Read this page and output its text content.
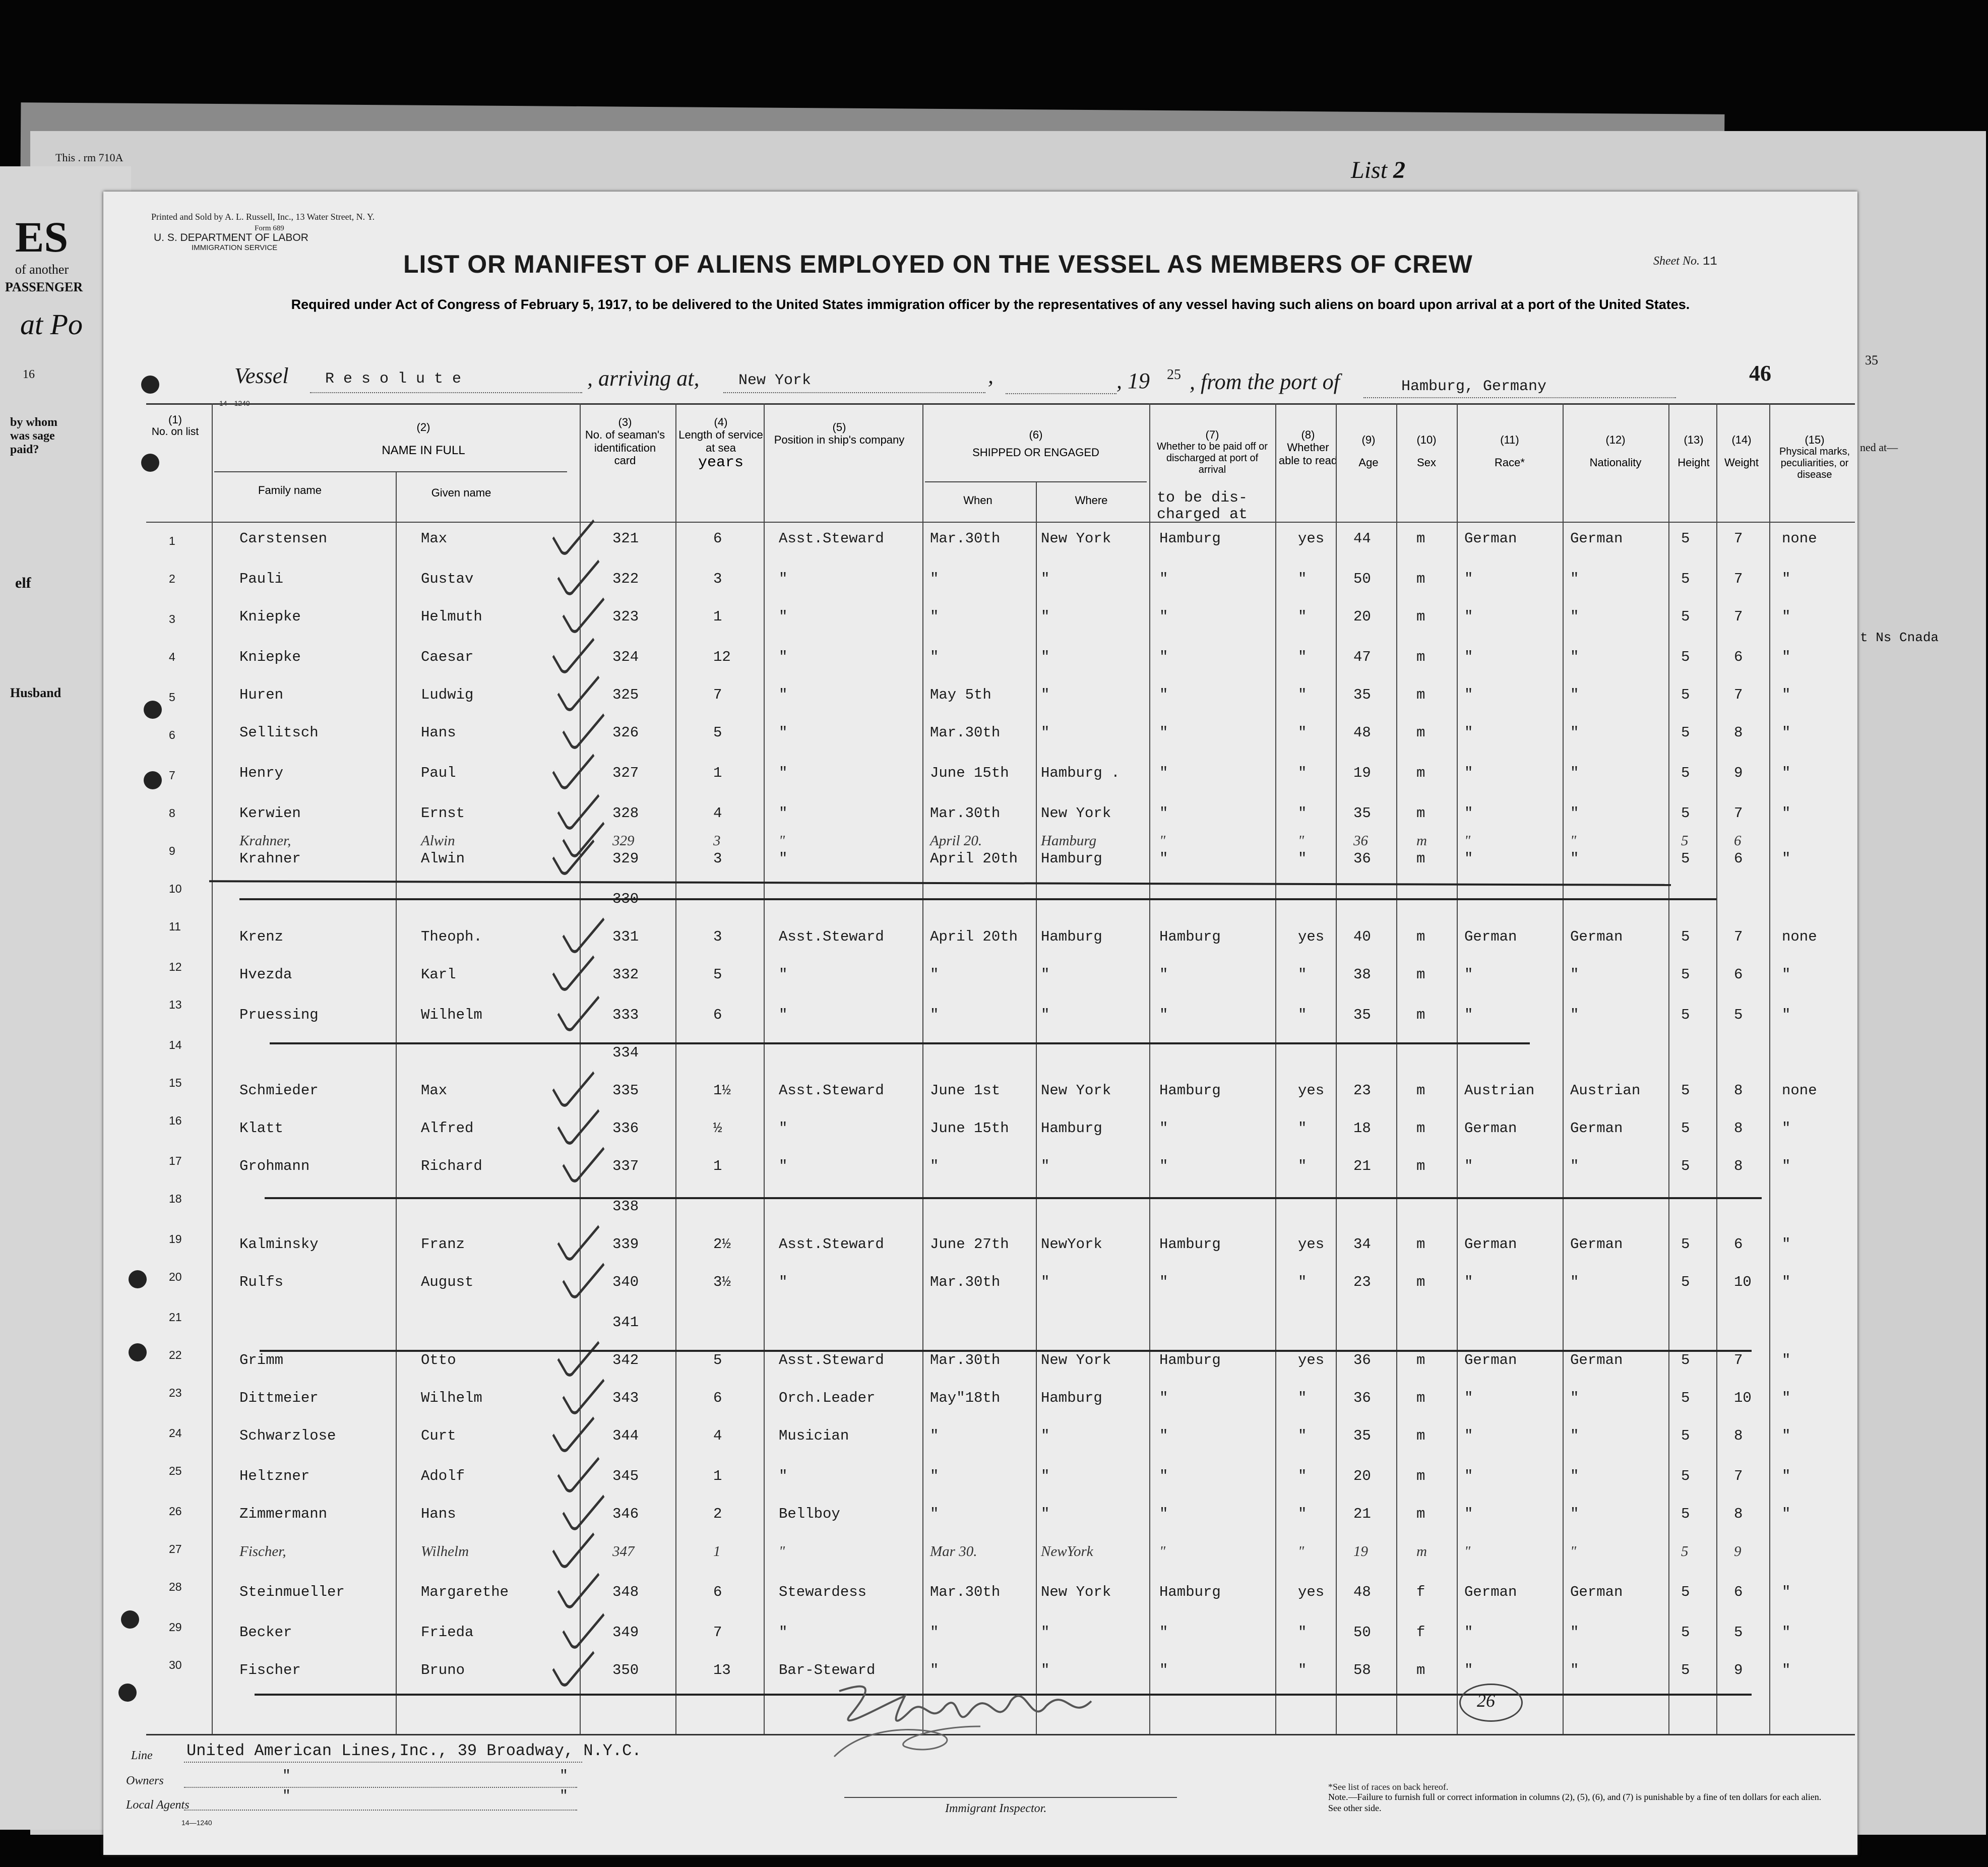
This . rm 710A
ES
of another
PASSENGER
at Po
16
by whom was sage paid?
elf
Husband
35
ned at—
t Ns Cnada
List 2
Printed and Sold by A. L. Russell, Inc., 13 Water Street, N. Y.
Form 689
U. S. DEPARTMENT OF LABOR
IMMIGRATION SERVICE
LIST OR MANIFEST OF ALIENS EMPLOYED ON THE VESSEL AS MEMBERS OF CREW	Sheet No. 11
Required under Act of Congress of February 5, 1917, to be delivered to the United States immigration officer by the representatives of any vessel having such aliens on board upon arrival at a port of the United States.
Vessel R e s o l u t e	, arriving at,	New York	,	, 19 25 , from the port of	Hamburg, Germany
46
14—1240
(1)
No. on list	(2)
NAME IN FULL
Family name	Given name
(3)
No. of seaman's identification card
(4)
Length of service at sea
years
(5)
Position in ship's company	(6)
SHIPPED OR ENGAGED
When	Where
(7)
Whether to be paid off or discharged at port of arrival
to be dis-charged at
(8)
Whether able to read
(9)
Age
(10)
Sex
(11)
Race*
(12)
Nationality
(13)
Height
(14)
Weight
(15)
Physical marks, peculiarities, or disease
1
2
3
4
5
6
7
8
9
10
11
12
13
14
15
16
17
18
19
20
21
22
23
24
25
26
27
28
29
30
Carstensen	Max	321	6	Asst.Steward	Mar.30th	New York	Hamburg	yes 44	m	German	German	5	7	none
Pauli	Gustav	322	3	"	"	"	"	"	50	m	"	"	5	7	"
Kniepke	Helmuth	323	1	"	"	"	"	"	20	m	"	"	5	7	"
Kniepke	Caesar	324	12	"	"	"	"	"	47	m	"	"	5	6	"
Huren	Ludwig	325	7	"	May 5th	"	"	"	35	m	"	"	5	7	"
Sellitsch	Hans	326	5	"	Mar.30th	"	"	"	48	m	"	"	5	8	"
Henry	Paul	327	1	"	June 15th Hamburg .	"	"	19	m	"	"	5	9	"
Kerwien	Ernst	328	4	"	Mar.30th	New York	"	"	35	m	"	"	5	7	"
Krahner,	Alwin	329	3	"	April 20.	Hamburg	"	"	36	m	"	"	5	6
Krahner	Alwin	329	3	"	April 20th Hamburg	"	"	36	m	"	"	5	6	"
330
Krenz	Theoph.	331	3	Asst.Steward	April 20th Hamburg	Hamburg	yes 40	m	German	German	5	7	none
Hvezda	Karl	332	5	"	"	"	"	"	38	m	"	"	5	6	"
Pruessing	Wilhelm	333	6	"	"	"	"	"	35	m	"	"	5	5	"
334
Schmieder	Max	335	1½	Asst.Steward	June 1st	New York	Hamburg	yes 23	m	Austrian Austrian	5	8	none
Klatt	Alfred	336	½	"	June 15th Hamburg	"	"	18	m	German	German	5	8	"
Grohmann	Richard	337	1	"	"	"	"	"	21	m	"	"	5	8	"
338
Kalminsky	Franz	339	2½	Asst.Steward	June 27th NewYork	Hamburg	yes 34	m	German	German	5	6	"
Rulfs	August	340	3½	"	Mar.30th	"	"	"	23	m	"	"	5	10 "
341
Grimm	Otto	342	5	Asst.Steward	Mar.30th	New York	Hamburg	yes 36	m	German	German	5	7	"
Dittmeier	Wilhelm	343	6	Orch.Leader	May"18th	Hamburg	"	"	36	m	"	"	5	10 "
Schwarzlose	Curt	344	4	Musician	"	"	"	"	35	m	"	"	5	8	"
Heltzner	Adolf	345	1	"	"	"	"	"	20	m	"	"	5	7	"
Zimmermann	Hans	346	2	Bellboy	"	"	"	"	21	m	"	"	5	8	"
Fischer,	Wilhelm	347	1	"	Mar 30.	NewYork	"	"	19	m	"	"	5	9
Steinmueller	Margarethe	348	6	Stewardess	Mar.30th	New York	Hamburg	yes 48	f	German	German	5	6	"
Becker	Frieda	349	7	"	"	"	"	"	50	f	"	"	5	5	"
Fischer	Bruno	350	13	Bar-Steward	"	"	"	"	58	m	"	"	5	9	"
Line United American Lines,Inc., 39 Broadway, N.Y.C.
Owners	"	"
Local Agents
"	"
14—1240
Immigrant Inspector.
*See list of races on back hereof.
Note.—Failure to furnish full or correct information in columns (2), (5), (6), and (7) is punishable by a fine of ten dollars for each alien. See other side.
26
